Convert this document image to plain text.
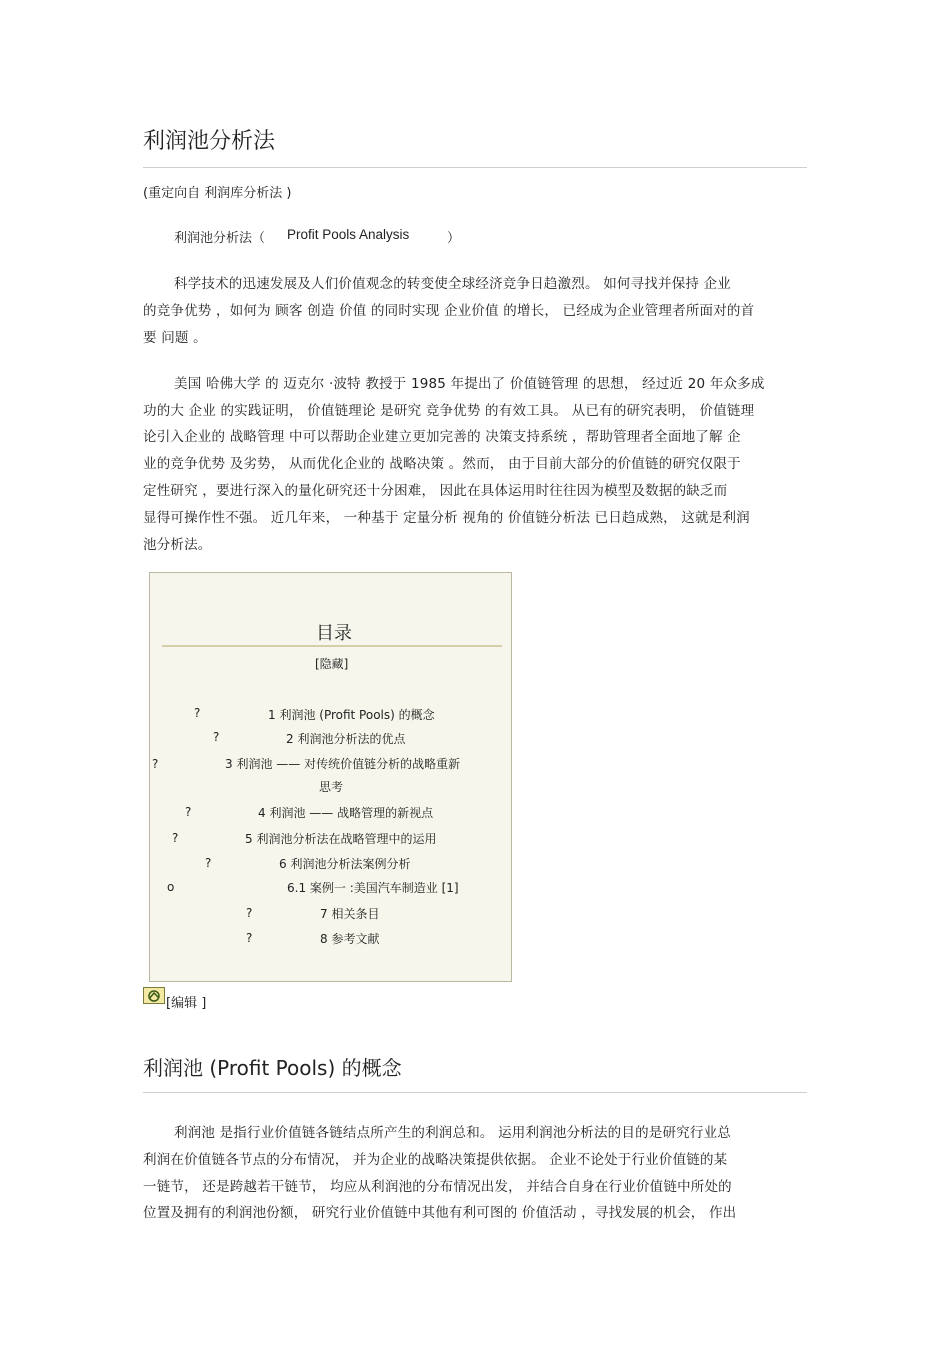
利润池分析法
(重定向自 利润库分析法 )
利润池分析法（ Profit Pools Analysis	）
科学技术的迅速发展及人们价值观念的转变使全球经济竞争日趋激烈。 如何寻找并保持 企业
的竞争优势 ，如何为 顾客 创造 价值 的同时实现 企业价值 的增长， 已经成为企业管理者所面对的首
要 问题 。
美国 哈佛大学 的 迈克尔 ·波特 教授于 1985 年提出了 价值链管理 的思想， 经过近 20 年众多成
功的大 企业 的实践证明， 价值链理论 是研究 竞争优势 的有效工具。 从已有的研究表明， 价值链理
论引入企业的 战略管理 中可以帮助企业建立更加完善的 决策支持系统 ，帮助管理者全面地了解 企
业的竞争优势 及劣势， 从而优化企业的 战略决策 。然而， 由于目前大部分的价值链的研究仅限于
定性研究 ，要进行深入的量化研究还十分困难， 因此在具体运用时往往因为模型及数据的缺乏而
显得可操作性不强。 近几年来， 一种基于 定量分析 视角的 价值链分析法 已日趋成熟， 这就是利润
池分析法。
目录
[隐藏]
?	1 利润池 (Profit Pools) 的概念
?	2 利润池分析法的优点
?	3 利润池 —— 对传统价值链分析的战略重新
思考
?	4 利润池 —— 战略管理的新视点
?	5 利润池分析法在战略管理中的运用
?	6 利润池分析法案例分析
o	6.1 案例一 :美国汽车制造业 [1]
?	7 相关条目
?	8 参考文献
[编辑 ]
利润池 (Profit Pools) 的概念
利润池 是指行业价值链各链结点所产生的利润总和。 运用利润池分析法的目的是研究行业总
利润在价值链各节点的分布情况， 并为企业的战略决策提供依据。 企业不论处于行业价值链的某
一链节， 还是跨越若干链节， 均应从利润池的分布情况出发， 并结合自身在行业价值链中所处的
位置及拥有的利润池份额， 研究行业价值链中其他有利可图的 价值活动 ，寻找发展的机会， 作出
